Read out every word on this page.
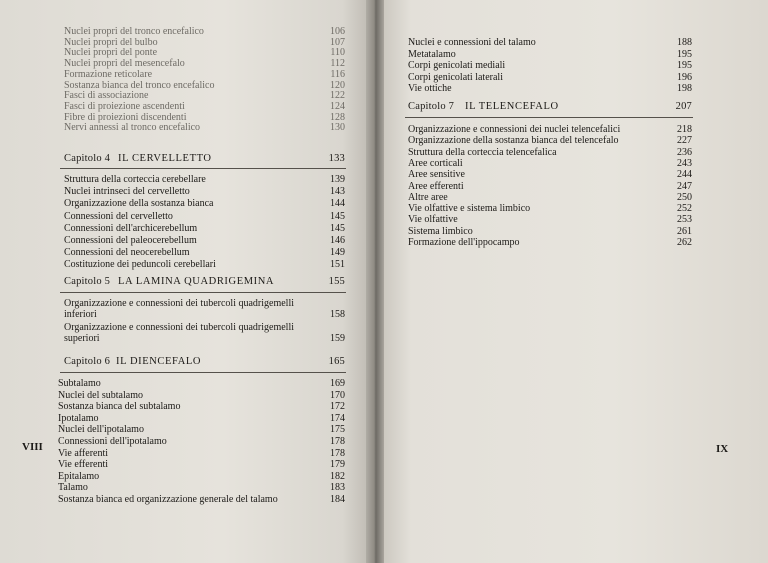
Nuclei propri del tronco encefalico	106
Nuclei propri del bulbo	107
Nuclei propri del ponte	110
Nuclei propri del mesencefalo	112
Formazione reticolare	116
Sostanza bianca del tronco encefalico	120
Fasci di associazione	122
Fasci di proiezione ascendenti	124
Fibre di proiezioni discendenti	128
Nervi annessi al tronco encefalico	130
Capitolo 4 IL CERVELLETTO	133
Struttura della corteccia cerebellare	139
Nuclei intrinseci del cervelletto	143
Organizzazione della sostanza bianca	144
Connessioni del cervelletto	145
Connessioni dell'archicerebellum	145
Connessioni del paleocerebellum	146
Connessioni del neocerebellum	149
Costituzione dei peduncoli cerebellari	151
Capitolo 5 LA LAMINA QUADRIGEMINA	155
Organizzazione e connessioni dei tubercoli quadrigemelli
inferiori	158
Organizzazione e connessioni dei tubercoli quadrigemelli
superiori	159
Capitolo 6 IL DIENCEFALO	165
Subtalamo	169
Nuclei del subtalamo	170
Sostanza bianca del subtalamo	172
Ipotalamo	174
Nuclei dell'ipotalamo	175
Connessioni dell'ipotalamo	178
Vie afferenti	178
Vie efferenti	179
Epitalamo	182
Talamo	183
Sostanza bianca ed organizzazione generale del talamo	184
VIII
Nuclei e connessioni del talamo	188
Metatalamo	195
Corpi genicolati mediali	195
Corpi genicolati laterali	196
Vie ottiche	198
Capitolo 7 IL TELENCEFALO	207
Organizzazione e connessioni dei nuclei telencefalici	218
Organizzazione della sostanza bianca del telencefalo	227
Struttura della corteccia telencefalica	236
Aree corticali	243
Aree sensitive	244
Aree efferenti	247
Altre aree	250
Vie olfattive e sistema limbico	252
Vie olfattive	253
Sistema limbico	261
Formazione dell'ippocampo	262
IX
